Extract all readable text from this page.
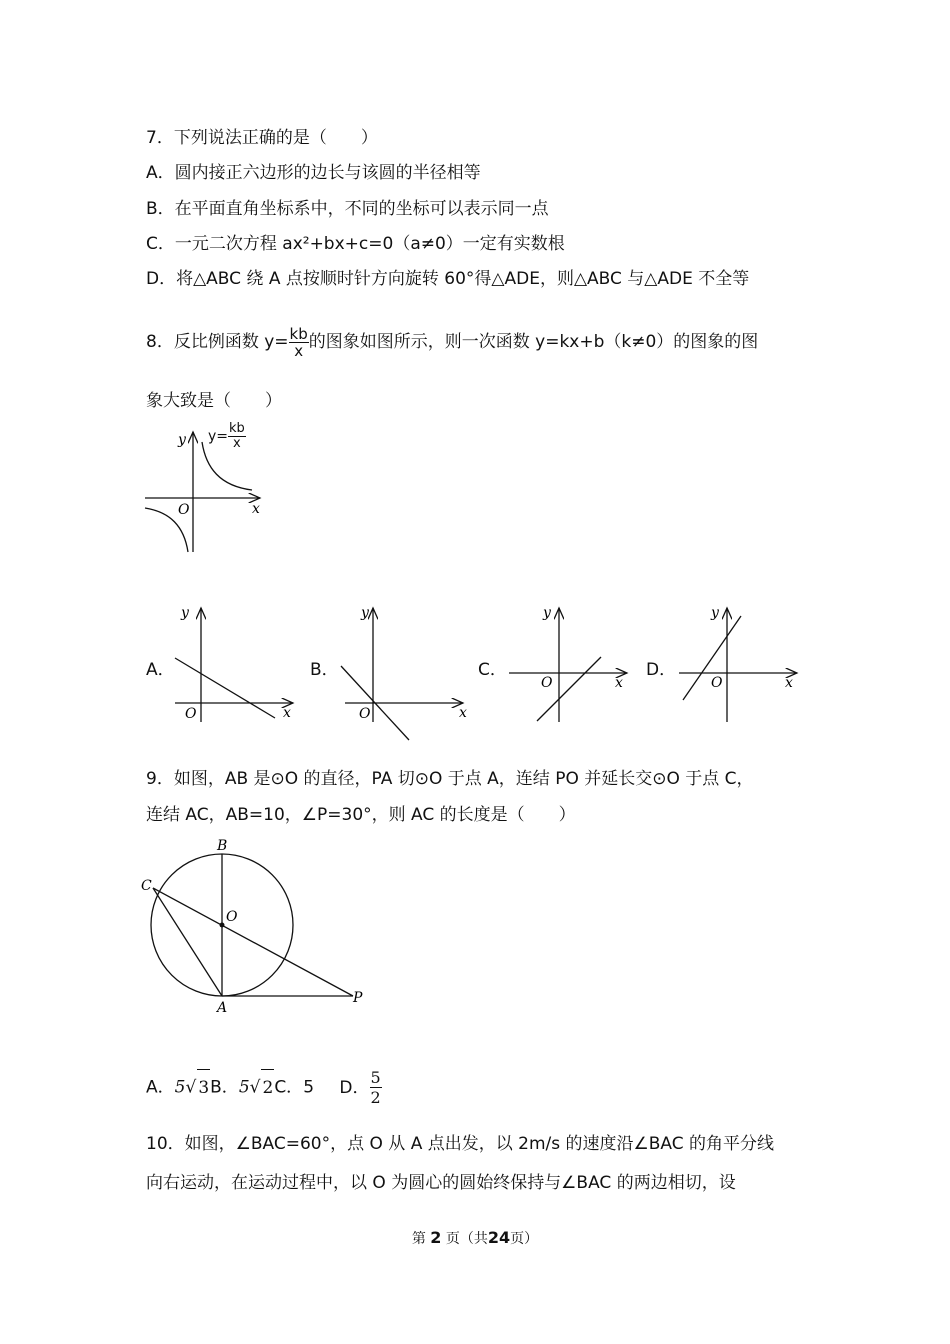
7．下列说法正确的是（　　）
A．圆内接正六边形的边长与该圆的半径相等
B．在平面直角坐标系中，不同的坐标可以表示同一点
C．一元二次方程 ax²+bx+c=0（a≠0）一定有实数根
D．将△ABC 绕 A 点按顺时针方向旋转 60°得△ADE，则△ABC 与△ADE 不全等
8．反比例函数 $y= \frac{kb}{x}$ 的图象如图所示，则一次函数 y=kx+b（k≠0）的图象的图
象大致是（　　）
y
x
O
$y= \frac{kb}{x}$
A．
y
x
O
B．
y
x
O
C．
y
x
O
D．
y
x
O
9．如图，AB 是⊙O 的直径，PA 切⊙O 于点 A，连结 PO 并延长交⊙O 于点 C，
连结 AC，AB=10，∠P=30°，则 AC 的长度是（　　）
B
C
O
A
P
A．5√ 3B．5√ 2C．5 D． $\frac{5}{2}$
10．如图，∠BAC=60°，点 O 从 A 点出发，以 2m/s 的速度沿∠BAC 的角平分线
向右运动，在运动过程中，以 O 为圆心的圆始终保持与∠BAC 的两边相切，设
第 2 页（共24页）
